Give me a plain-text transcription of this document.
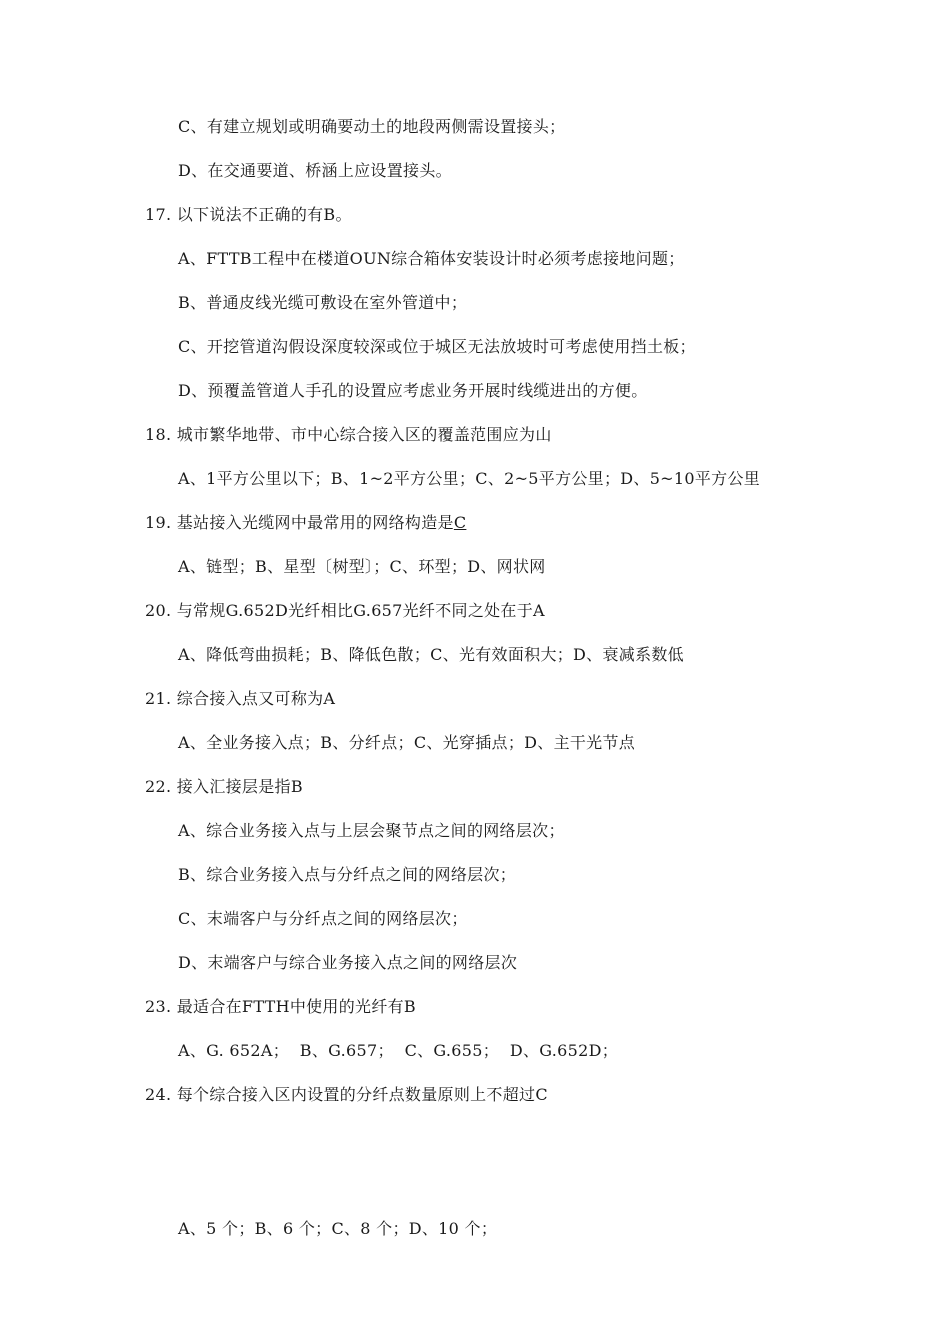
C、有建立规划或明确要动土的地段两侧需设置接头；
D、在交通要道、桥涵上应设置接头。
17. 以下说法不正确的有B。
A、FTTB工程中在楼道OUN综合箱体安装设计时必须考虑接地问题；
B、普通皮线光缆可敷设在室外管道中；
C、开挖管道沟假设深度较深或位于城区无法放坡时可考虑使用挡土板；
D、预覆盖管道人手孔的设置应考虑业务开展时线缆进出的方便。
18. 城市繁华地带、市中心综合接入区的覆盖范围应为山
A、1平方公里以下；B、1~2平方公里；C、2~5平方公里；D、5~10平方公里
19. 基站接入光缆网中最常用的网络构造是C
A、链型；B、星型〔树型〕；C、环型；D、网状网
20. 与常规G.652D光纤相比G.657光纤不同之处在于A
A、降低弯曲损耗；B、降低色散；C、光有效面积大；D、衰减系数低
21. 综合接入点又可称为A
A、全业务接入点；B、分纤点；C、光穿插点；D、主干光节点
22. 接入汇接层是指B
A、综合业务接入点与上层会聚节点之间的网络层次；
B、综合业务接入点与分纤点之间的网络层次；
C、末端客户与分纤点之间的网络层次；
D、末端客户与综合业务接入点之间的网络层次
23. 最适合在FTTH中使用的光纤有B
A、G. 652A；  B、G.657；  C、G.655；  D、G.652D；
24. 每个综合接入区内设置的分纤点数量原则上不超过C
A、5 个；B、6 个；C、8 个；D、10 个；
